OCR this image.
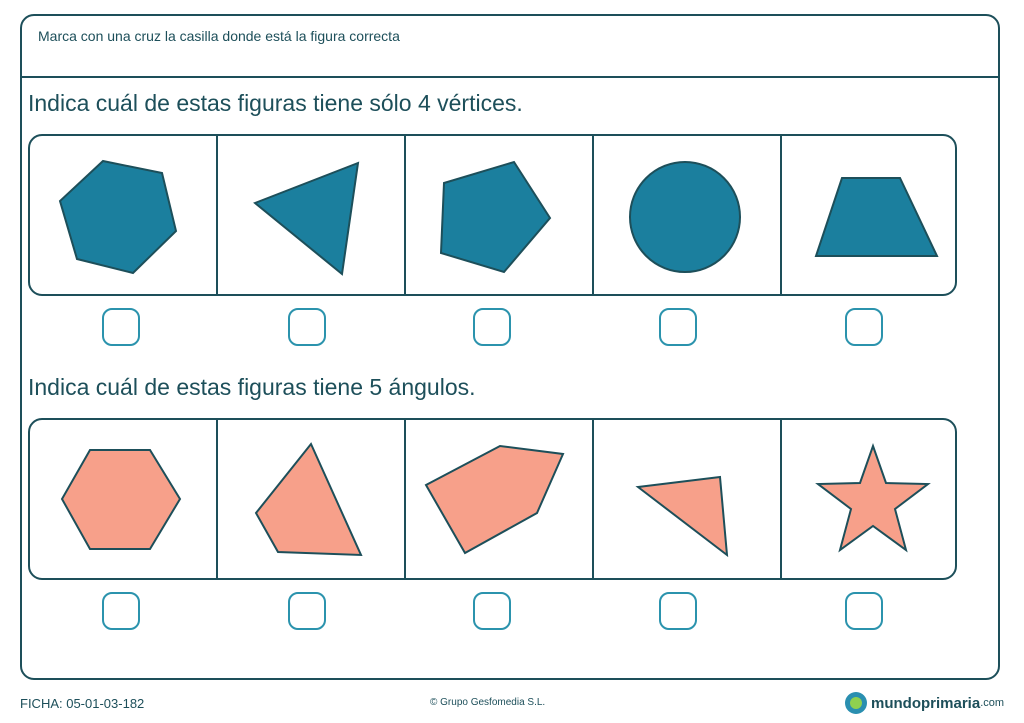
Marca con una cruz la casilla donde está la figura correcta
Indica cuál de estas figuras tiene sólo 4 vértices.
Indica cuál de estas figuras tiene 5 ángulos.
FICHA: 05-01-03-182	© Grupo Gesfomedia S.L.	mundoprimaria .com
